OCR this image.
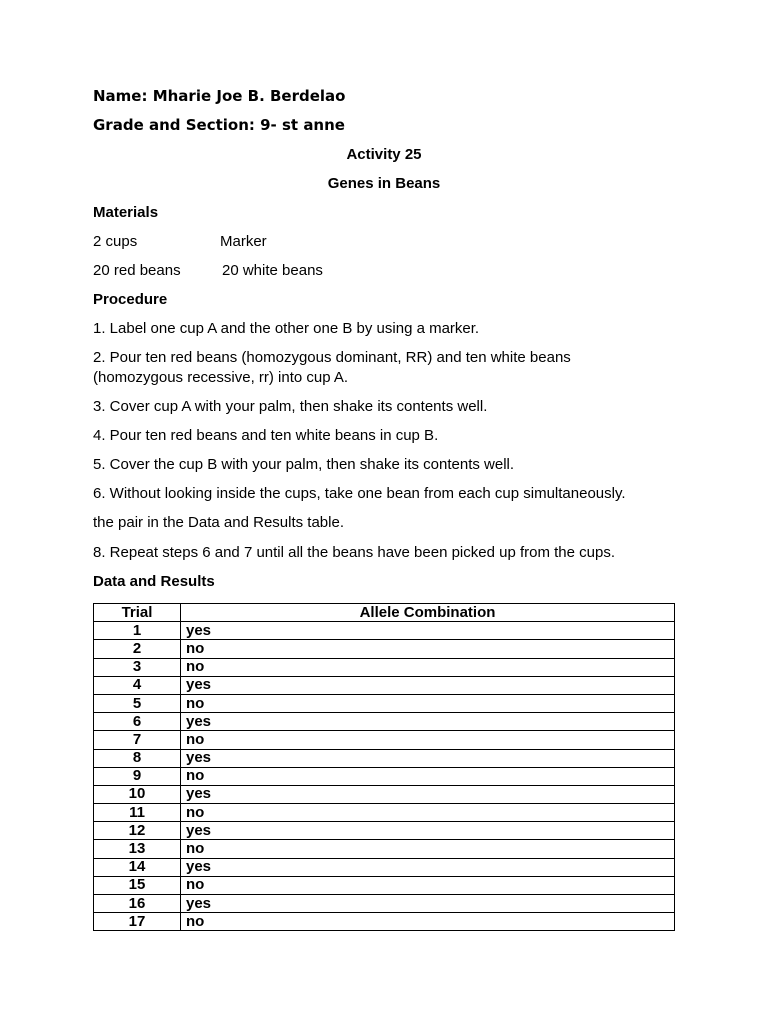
Name: Mharie Joe B. Berdelao
Grade and Section: 9- st anne
Activity 25
Genes in Beans
Materials
2 cups	Marker
20 red beans	20 white beans
Procedure
1. Label one cup A and the other one B by using a marker.
2. Pour ten red beans (homozygous dominant, RR) and ten white beans (homozygous recessive, rr) into cup A.
3. Cover cup A with your palm, then shake its contents well.
4. Pour ten red beans and ten white beans in cup B.
5. Cover the cup B with your palm, then shake its contents well.
6. Without looking inside the cups, take one bean from each cup simultaneously.
the pair in the Data and Results table.
8. Repeat steps 6 and 7 until all the beans have been picked up from the cups.
Data and Results
Trial	Allele Combination
1	yes
2	no
3	no
4	yes
5	no
6	yes
7	no
8	yes
9	no
10	yes
11	no
12	yes
13	no
14	yes
15	no
16	yes
17	no
